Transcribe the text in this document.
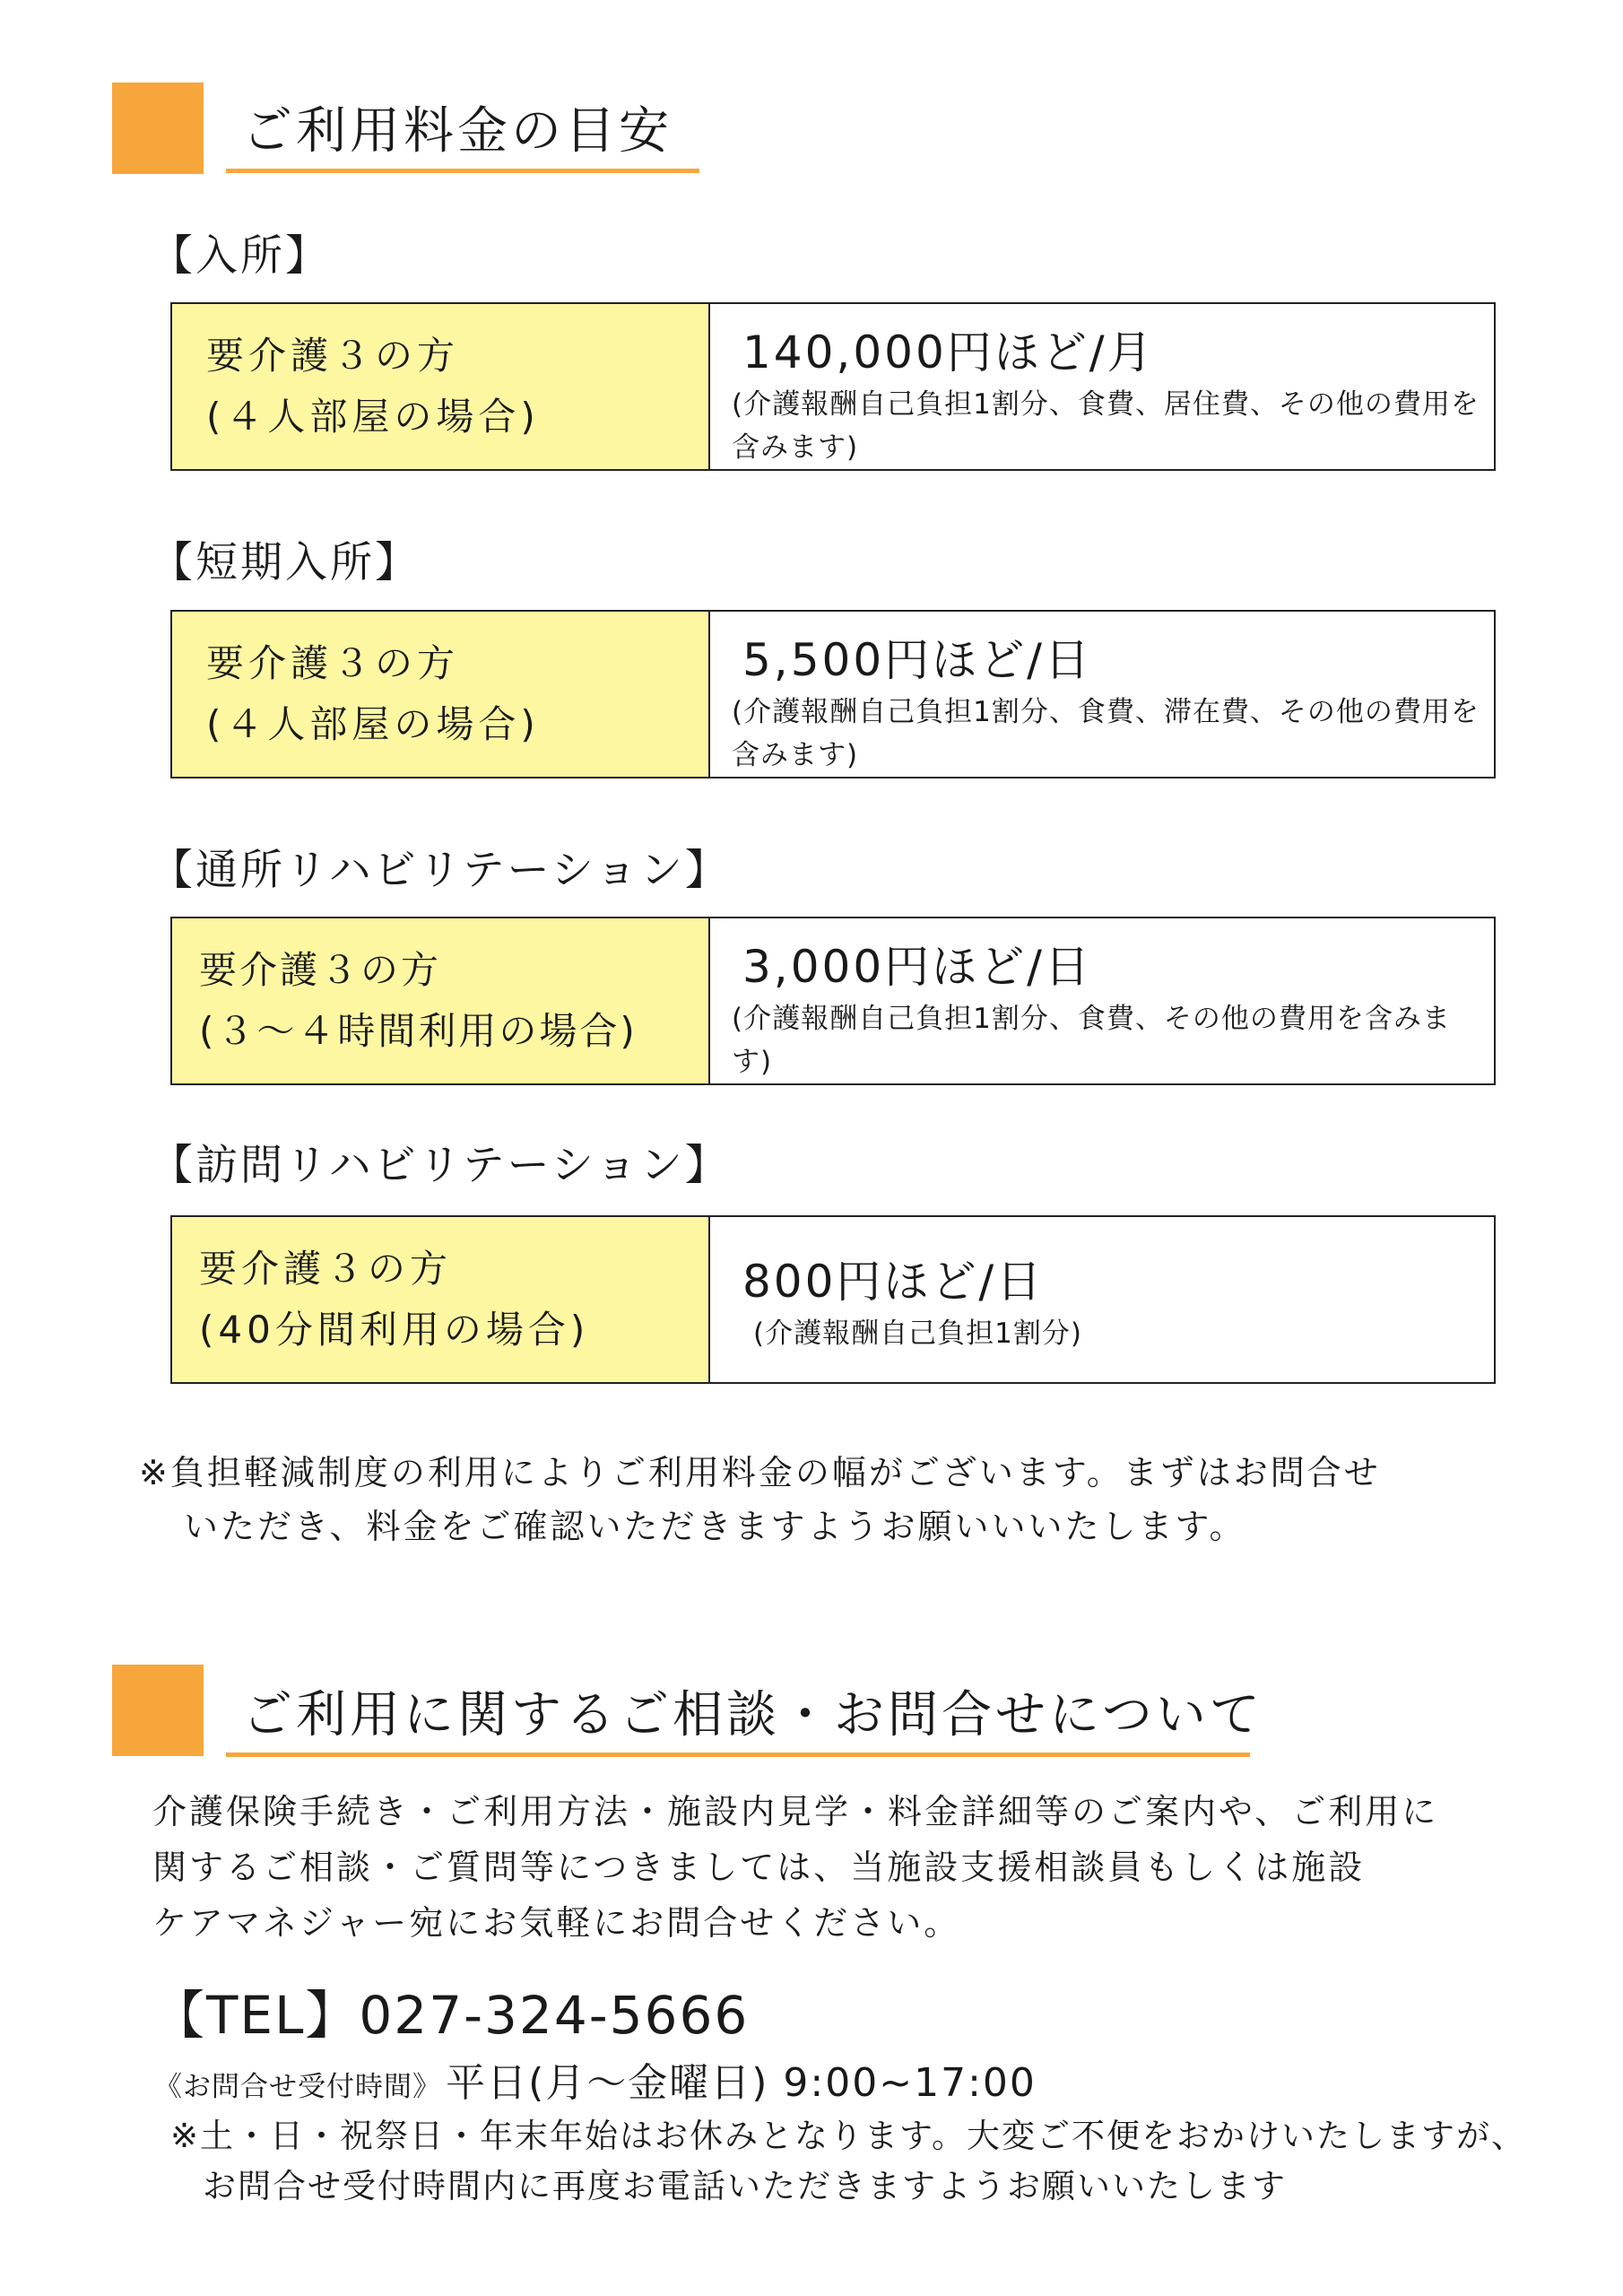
ご利用料金の目安
【入所】
要介護３の方
(４人部屋の場合)
140,000円ほど/月
(介護報酬自己負担1割分、食費、居住費、その他の費用を含みます)
【短期入所】
要介護３の方
(４人部屋の場合)
5,500円ほど/日
(介護報酬自己負担1割分、食費、滞在費、その他の費用を含みます)
【通所リハビリテーション】
要介護３の方
(３～４時間利用の場合)
3,000円ほど/日
(介護報酬自己負担1割分、食費、その他の費用を含みます)
【訪問リハビリテーション】
要介護３の方
(40分間利用の場合)
800円ほど/日
(介護報酬自己負担1割分)
※負担軽減制度の利用によりご利用料金の幅がございます。まずはお問合せ
いただき、料金をご確認いただきますようお願いいいたします。
ご利用に関するご相談・お問合せについて
介護保険手続き・ご利用方法・施設内見学・料金詳細等のご案内や、ご利用に
関するご相談・ご質問等につきましては、当施設支援相談員もしくは施設
ケアマネジャー宛にお気軽にお問合せください。
【TEL】027-324-5666
《お問合せ受付時間》 平日(月～金曜日) 9:00~17:00
※土・日・祝祭日・年末年始はお休みとなります。大変ご不便をおかけいたしますが、
お問合せ受付時間内に再度お電話いただきますようお願いいたします
